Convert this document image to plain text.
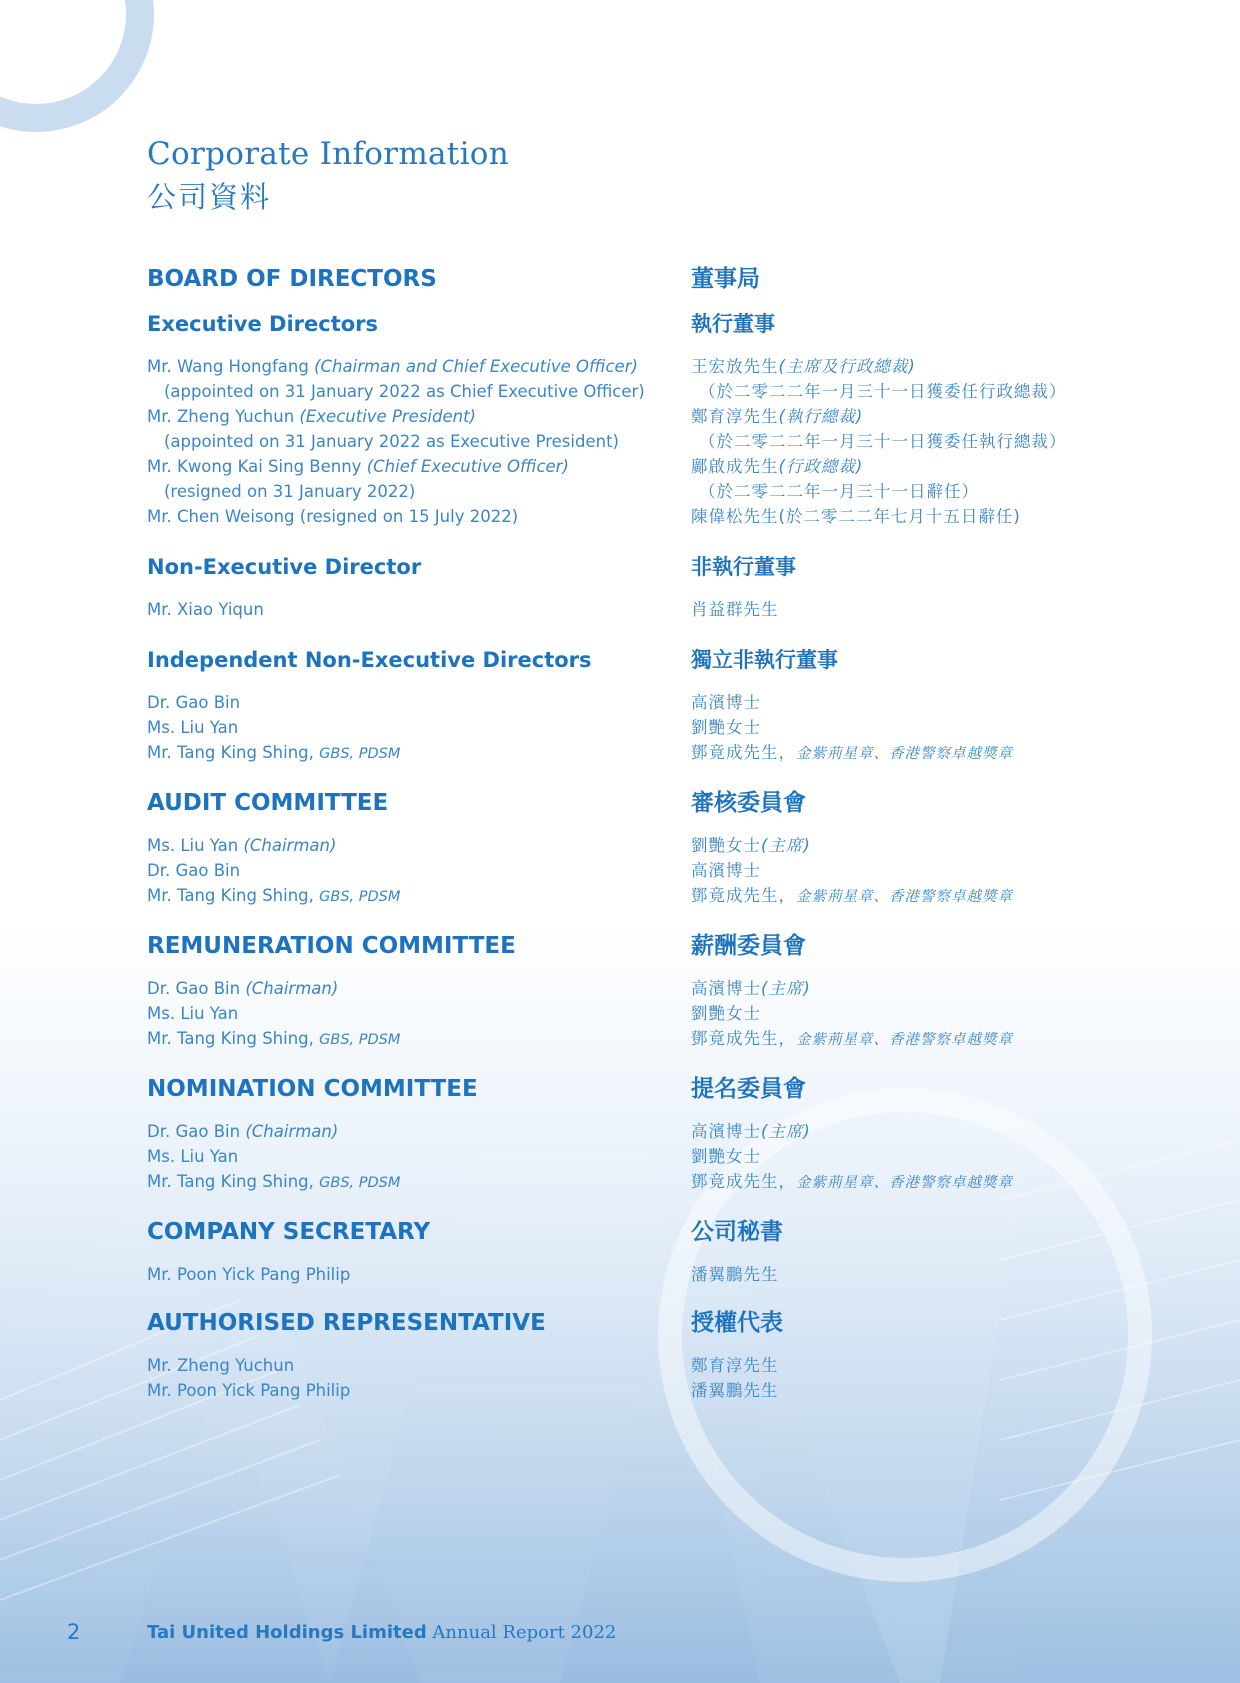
Corporate Information
公司資料
BOARD OF DIRECTORS
Executive Directors
Mr. Wang Hongfang (Chairman and Chief Executive Officer)
(appointed on 31 January 2022 as Chief Executive Officer)
Mr. Zheng Yuchun (Executive President)
(appointed on 31 January 2022 as Executive President)
Mr. Kwong Kai Sing Benny (Chief Executive Officer)
(resigned on 31 January 2022)
Mr. Chen Weisong (resigned on 15 July 2022)
Non-Executive Director
Mr. Xiao Yiqun
Independent Non-Executive Directors
Dr. Gao Bin
Ms. Liu Yan
Mr. Tang King Shing, GBS, PDSM
AUDIT COMMITTEE
Ms. Liu Yan (Chairman)
Dr. Gao Bin
Mr. Tang King Shing, GBS, PDSM
REMUNERATION COMMITTEE
Dr. Gao Bin (Chairman)
Ms. Liu Yan
Mr. Tang King Shing, GBS, PDSM
NOMINATION COMMITTEE
Dr. Gao Bin (Chairman)
Ms. Liu Yan
Mr. Tang King Shing, GBS, PDSM
COMPANY SECRETARY
Mr. Poon Yick Pang Philip
AUTHORISED REPRESENTATIVE
Mr. Zheng Yuchun
Mr. Poon Yick Pang Philip
董事局
執行董事
王宏放先生(主席及行政總裁)
（於二零二二年一月三十一日獲委任行政總裁）
鄭育淳先生(執行總裁)
（於二零二二年一月三十一日獲委任執行總裁）
鄺啟成先生(行政總裁)
（於二零二二年一月三十一日辭任）
陳偉松先生(於二零二二年七月十五日辭任)
非執行董事
肖益群先生
獨立非執行董事
高濱博士
劉艷女士
鄧竟成先生，金紫荊星章、香港警察卓越獎章
審核委員會
劉艷女士(主席)
高濱博士
鄧竟成先生，金紫荊星章、香港警察卓越獎章
薪酬委員會
高濱博士(主席)
劉艷女士
鄧竟成先生，金紫荊星章、香港警察卓越獎章
提名委員會
高濱博士(主席)
劉艷女士
鄧竟成先生，金紫荊星章、香港警察卓越獎章
公司秘書
潘翼鵬先生
授權代表
鄭育淳先生
潘翼鵬先生
2	Tai United Holdings Limited Annual Report 2022
